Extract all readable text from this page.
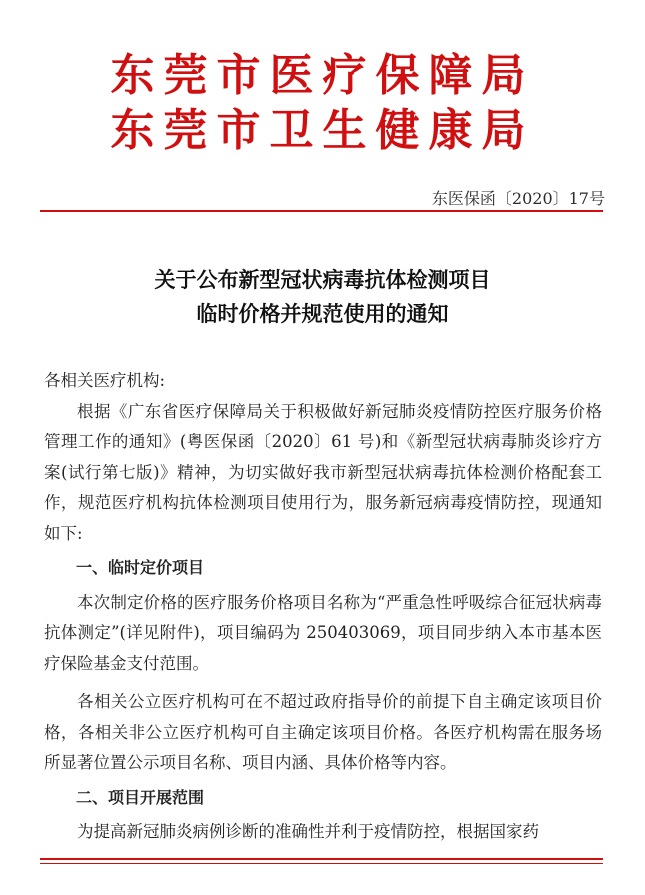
东莞市医疗保障局
东莞市卫生健康局
东医保函〔2020〕17号
关于公布新型冠状病毒抗体检测项目
临时价格并规范使用的通知

各相关医疗机构:

根据《广东省医疗保障局关于积极做好新冠肺炎疫情防控医疗服务价格管理工作的通知》(粤医保函〔2020〕61 号)和《新型冠状病毒肺炎诊疗方案(试行第七版)》精神，为切实做好我市新型冠状病毒抗体检测价格配套工作，规范医疗机构抗体检测项目使用行为，服务新冠病毒疫情防控，现通知如下:

一、临时定价项目

本次制定价格的医疗服务价格项目名称为“严重急性呼吸综合征冠状病毒抗体测定”(详见附件)，项目编码为 250403069，项目同步纳入本市基本医疗保险基金支付范围。

各相关公立医疗机构可在不超过政府指导价的前提下自主确定该项目价格，各相关非公立医疗机构可自主确定该项目价格。各医疗机构需在服务场所显著位置公示项目名称、项目内涵、具体价格等内容。

二、项目开展范围

为提高新冠肺炎病例诊断的准确性并利于疫情防控，根据国家药
